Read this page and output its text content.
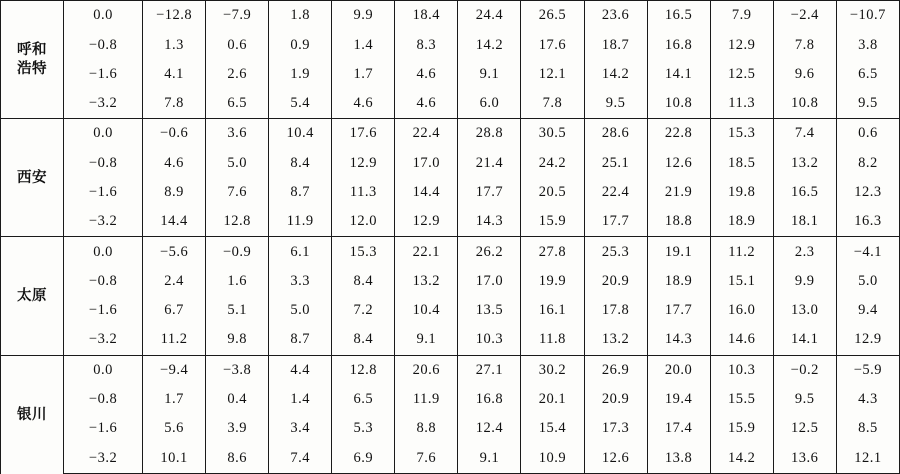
呼和
浩特	0.0	−12.8	−7.9	1.8	9.9	18.4	24.4	26.5	23.6	16.5	7.9	−2.4	−10.7
	−0.8	1.3	0.6	0.9	1.4	8.3	14.2	17.6	18.7	16.8	12.9	7.8	3.8
	−1.6	4.1	2.6	1.9	1.7	4.6	9.1	12.1	14.2	14.1	12.5	9.6	6.5
	−3.2	7.8	6.5	5.4	4.6	4.6	6.0	7.8	9.5	10.8	11.3	10.8	9.5

西安	0.0	−0.6	3.6	10.4	17.6	22.4	28.8	30.5	28.6	22.8	15.3	7.4	0.6
	−0.8	4.6	5.0	8.4	12.9	17.0	21.4	24.2	25.1	12.6	18.5	13.2	8.2
	−1.6	8.9	7.6	8.7	11.3	14.4	17.7	20.5	22.4	21.9	19.8	16.5	12.3
	−3.2	14.4	12.8	11.9	12.0	12.9	14.3	15.9	17.7	18.8	18.9	18.1	16.3

太原	0.0	−5.6	−0.9	6.1	15.3	22.1	26.2	27.8	25.3	19.1	11.2	2.3	−4.1
	−0.8	2.4	1.6	3.3	8.4	13.2	17.0	19.9	20.9	18.9	15.1	9.9	5.0
	−1.6	6.7	5.1	5.0	7.2	10.4	13.5	16.1	17.8	17.7	16.0	13.0	9.4
	−3.2	11.2	9.8	8.7	8.4	9.1	10.3	11.8	13.2	14.3	14.6	14.1	12.9

银川	0.0	−9.4	−3.8	4.4	12.8	20.6	27.1	30.2	26.9	20.0	10.3	−0.2	−5.9
	−0.8	1.7	0.4	1.4	6.5	11.9	16.8	20.1	20.9	19.4	15.5	9.5	4.3
	−1.6	5.6	3.9	3.4	5.3	8.8	12.4	15.4	17.3	17.4	15.9	12.5	8.5
	−3.2	10.1	8.6	7.4	6.9	7.6	9.1	10.9	12.6	13.8	14.2	13.6	12.1
